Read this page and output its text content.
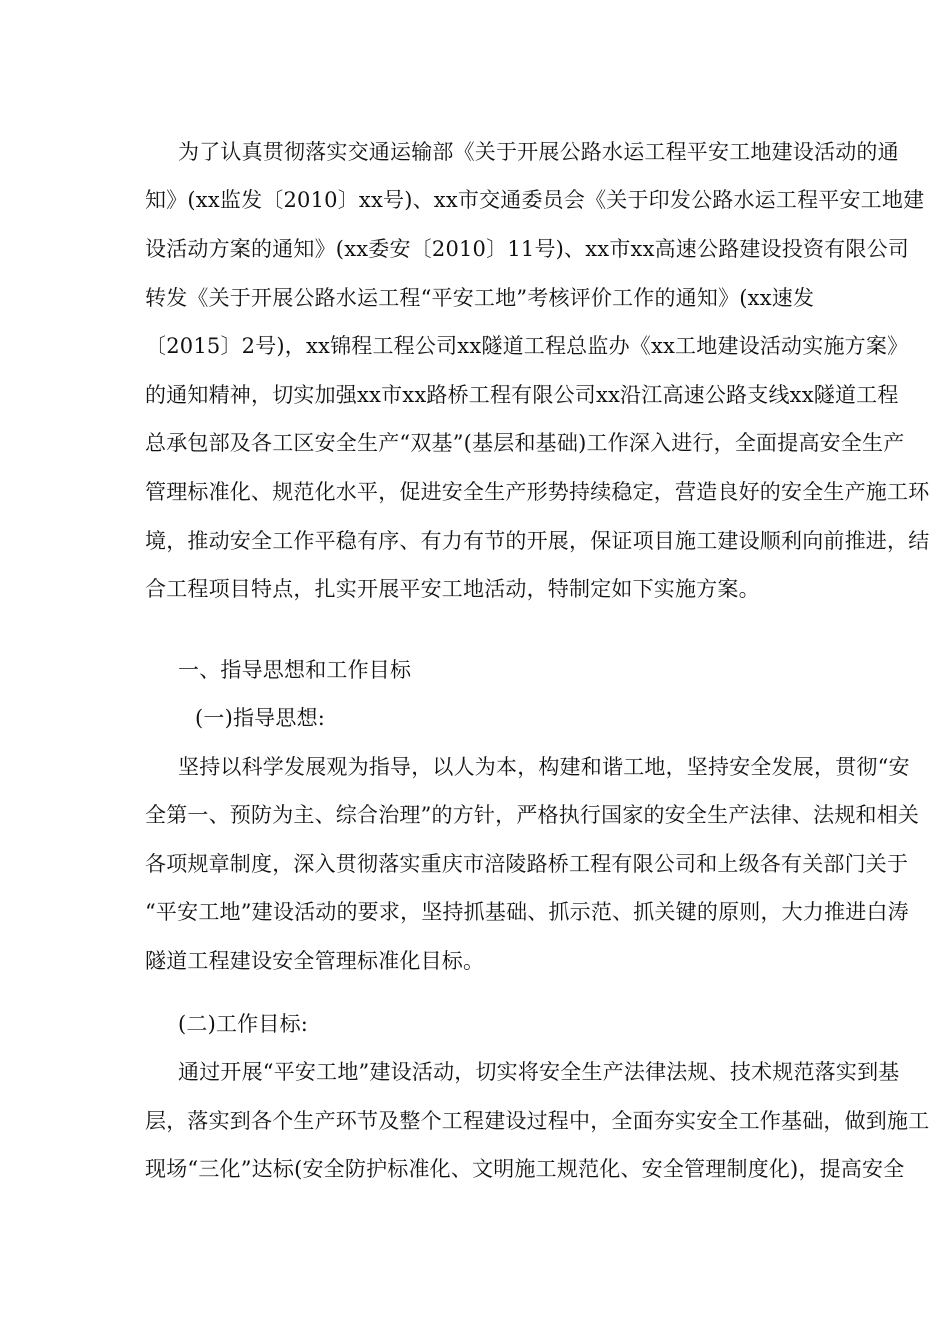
为了认真贯彻落实交通运输部《关于开展公路水运工程平安工地建设活动的通
知》(xx监发〔2010〕xx号)、xx市交通委员会《关于印发公路水运工程平安工地建
设活动方案的通知》(xx委安〔2010〕11号)、xx市xx高速公路建设投资有限公司
转发《关于开展公路水运工程“平安工地”考核评价工作的通知》(xx速发
〔2015〕2号)，xx锦程工程公司xx隧道工程总监办《xx工地建设活动实施方案》
的通知精神，切实加强xx市xx路桥工程有限公司xx沿江高速公路支线xx隧道工程
总承包部及各工区安全生产“双基”(基层和基础)工作深入进行，全面提高安全生产
管理标准化、规范化水平，促进安全生产形势持续稳定，营造良好的安全生产施工环
境，推动安全工作平稳有序、有力有节的开展，保证项目施工建设顺利向前推进，结
合工程项目特点，扎实开展平安工地活动，特制定如下实施方案。
一、指导思想和工作目标
(一)指导思想:
坚持以科学发展观为指导，以人为本，构建和谐工地，坚持安全发展，贯彻“安
全第一、预防为主、综合治理”的方针，严格执行国家的安全生产法律、法规和相关
各项规章制度，深入贯彻落实重庆市涪陵路桥工程有限公司和上级各有关部门关于
“平安工地”建设活动的要求，坚持抓基础、抓示范、抓关键的原则，大力推进白涛
隧道工程建设安全管理标准化目标。
(二)工作目标:
通过开展“平安工地”建设活动，切实将安全生产法律法规、技术规范落实到基
层，落实到各个生产环节及整个工程建设过程中，全面夯实安全工作基础，做到施工
现场“三化”达标(安全防护标准化、文明施工规范化、安全管理制度化)，提高安全
